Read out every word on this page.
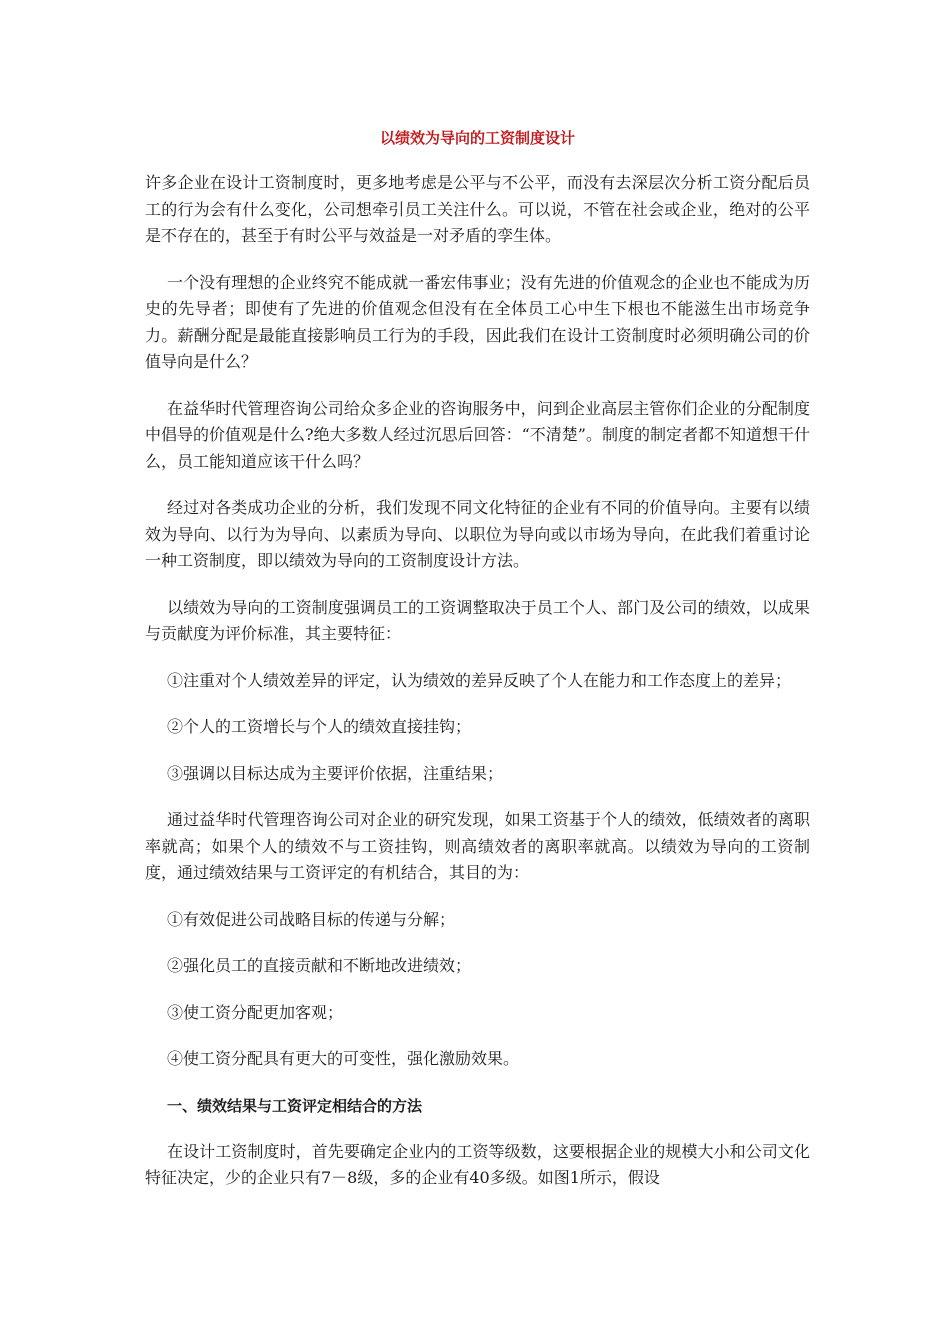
以绩效为导向的工资制度设计

许多企业在设计工资制度时，更多地考虑是公平与不公平，而没有去深层次分析工资分配后员工的行为会有什么变化，公司想牵引员工关注什么。可以说，不管在社会或企业，绝对的公平是不存在的，甚至于有时公平与效益是一对矛盾的孪生体。

一个没有理想的企业终究不能成就一番宏伟事业；没有先进的价值观念的企业也不能成为历史的先导者；即使有了先进的价值观念但没有在全体员工心中生下根也不能滋生出市场竞争力。薪酬分配是最能直接影响员工行为的手段，因此我们在设计工资制度时必须明确公司的价值导向是什么？

在益华时代管理咨询公司给众多企业的咨询服务中，问到企业高层主管你们企业的分配制度中倡导的价值观是什么?绝大多数人经过沉思后回答：“不清楚”。制度的制定者都不知道想干什么，员工能知道应该干什么吗？

经过对各类成功企业的分析，我们发现不同文化特征的企业有不同的价值导向。主要有以绩效为导向、以行为为导向、以素质为导向、以职位为导向或以市场为导向，在此我们着重讨论一种工资制度，即以绩效为导向的工资制度设计方法。

以绩效为导向的工资制度强调员工的工资调整取决于员工个人、部门及公司的绩效，以成果与贡献度为评价标准，其主要特征：

①注重对个人绩效差异的评定，认为绩效的差异反映了个人在能力和工作态度上的差异；

②个人的工资增长与个人的绩效直接挂钩；

③强调以目标达成为主要评价依据，注重结果；

通过益华时代管理咨询公司对企业的研究发现，如果工资基于个人的绩效，低绩效者的离职率就高；如果个人的绩效不与工资挂钩，则高绩效者的离职率就高。以绩效为导向的工资制度，通过绩效结果与工资评定的有机结合，其目的为：

①有效促进公司战略目标的传递与分解；

②强化员工的直接贡献和不断地改进绩效；

③使工资分配更加客观；

④使工资分配具有更大的可变性，强化激励效果。

一、绩效结果与工资评定相结合的方法

在设计工资制度时，首先要确定企业内的工资等级数，这要根据企业的规模大小和公司文化特征决定，少的企业只有7－8级，多的企业有40多级。如图1所示，假设
